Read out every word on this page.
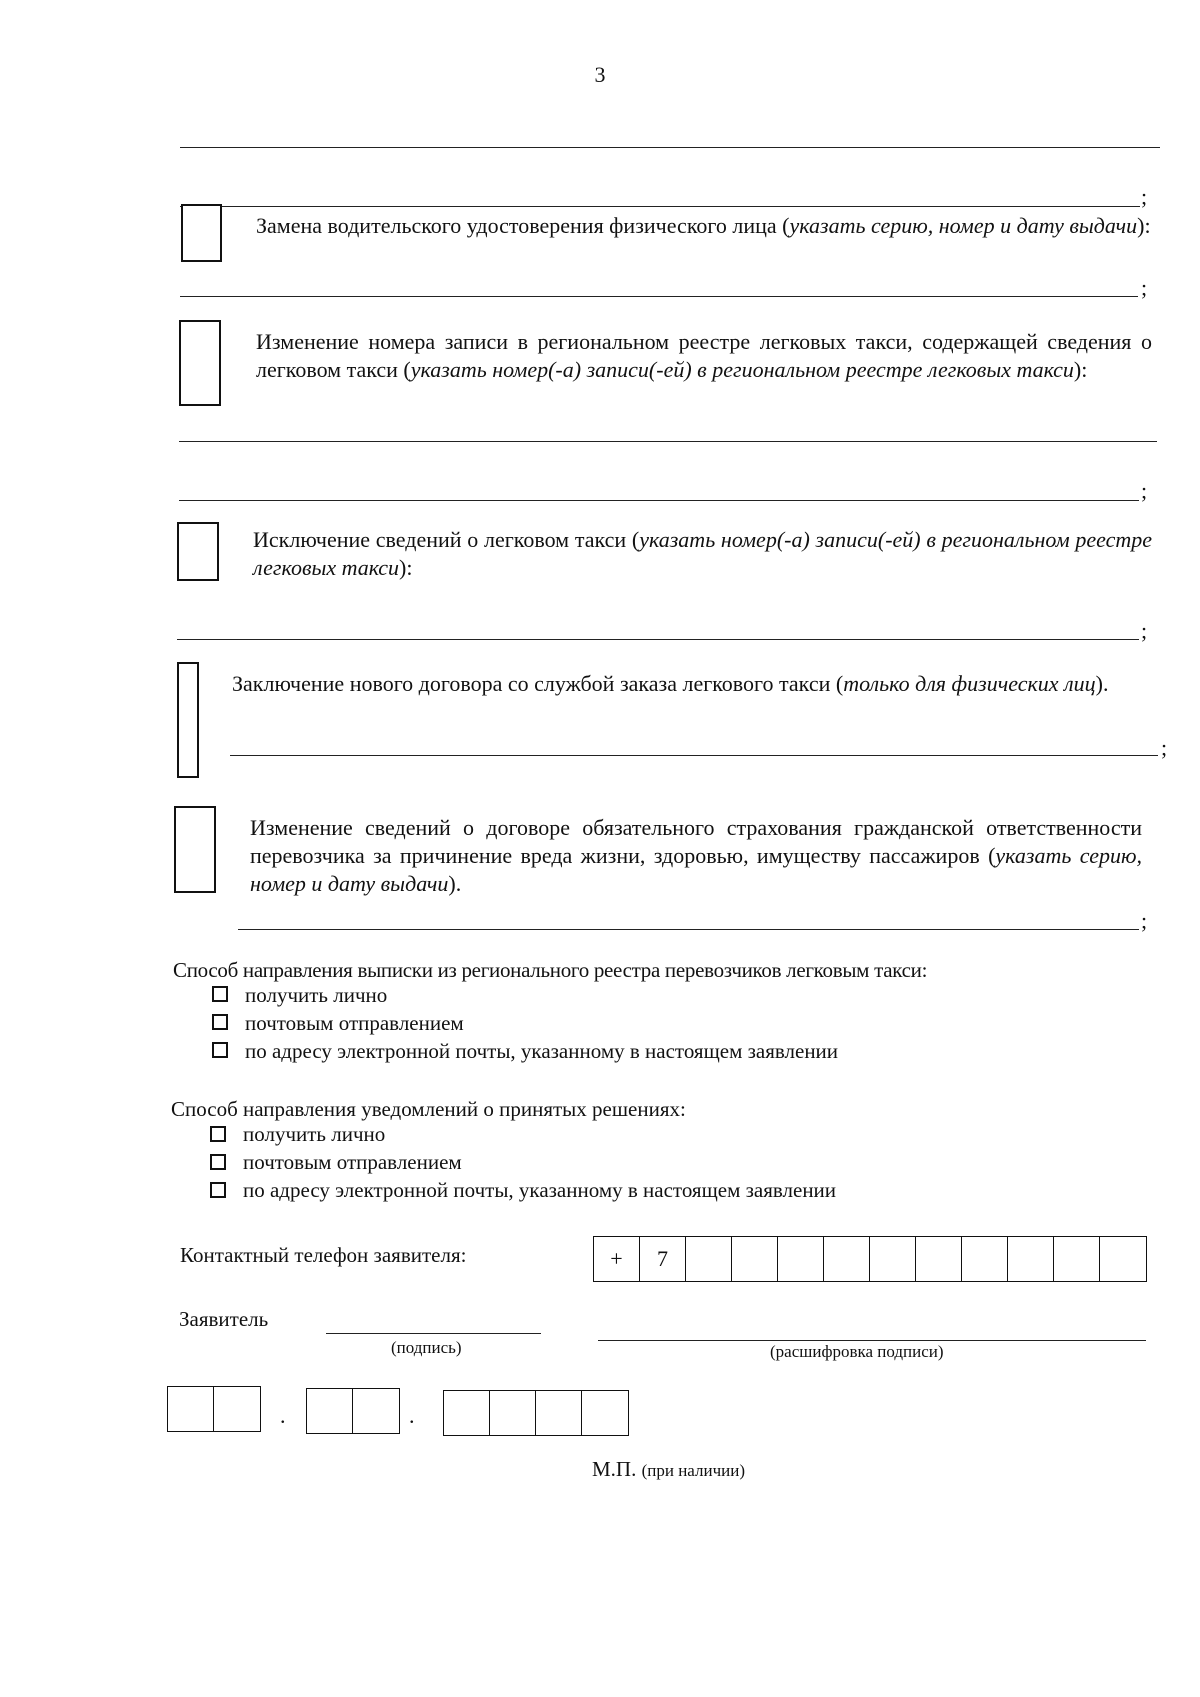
3
;
Замена водительского удостоверения физического лица (указать серию, номер и дату выдачи):
;
Изменение номера записи в региональном реестре легковых такси, содержащей сведения о легковом такси (указать номер(-а) записи(-ей) в региональном реестре легковых такси):
;
Исключение сведений о легковом такси (указать номер(-а) записи(-ей) в региональном реестре легковых такси):
;
Заключение нового договора со службой заказа легкового такси (только для физических лиц).
;
Изменение сведений о договоре обязательного страхования гражданской ответственности перевозчика за причинение вреда жизни, здоровью, имуществу пассажиров (указать серию, номер и дату выдачи).
;
Способ направления выписки из регионального реестра перевозчиков легковым такси:
получить лично
почтовым отправлением
по адресу электронной почты, указанному в настоящем заявлении
Способ направления уведомлений о принятых решениях:
получить лично
почтовым отправлением
по адресу электронной почты, указанному в настоящем заявлении
Контактный телефон заявителя:	+	7
Заявитель
(подпись)	(расшифровка подписи)
.	.
М.П. (при наличии)
